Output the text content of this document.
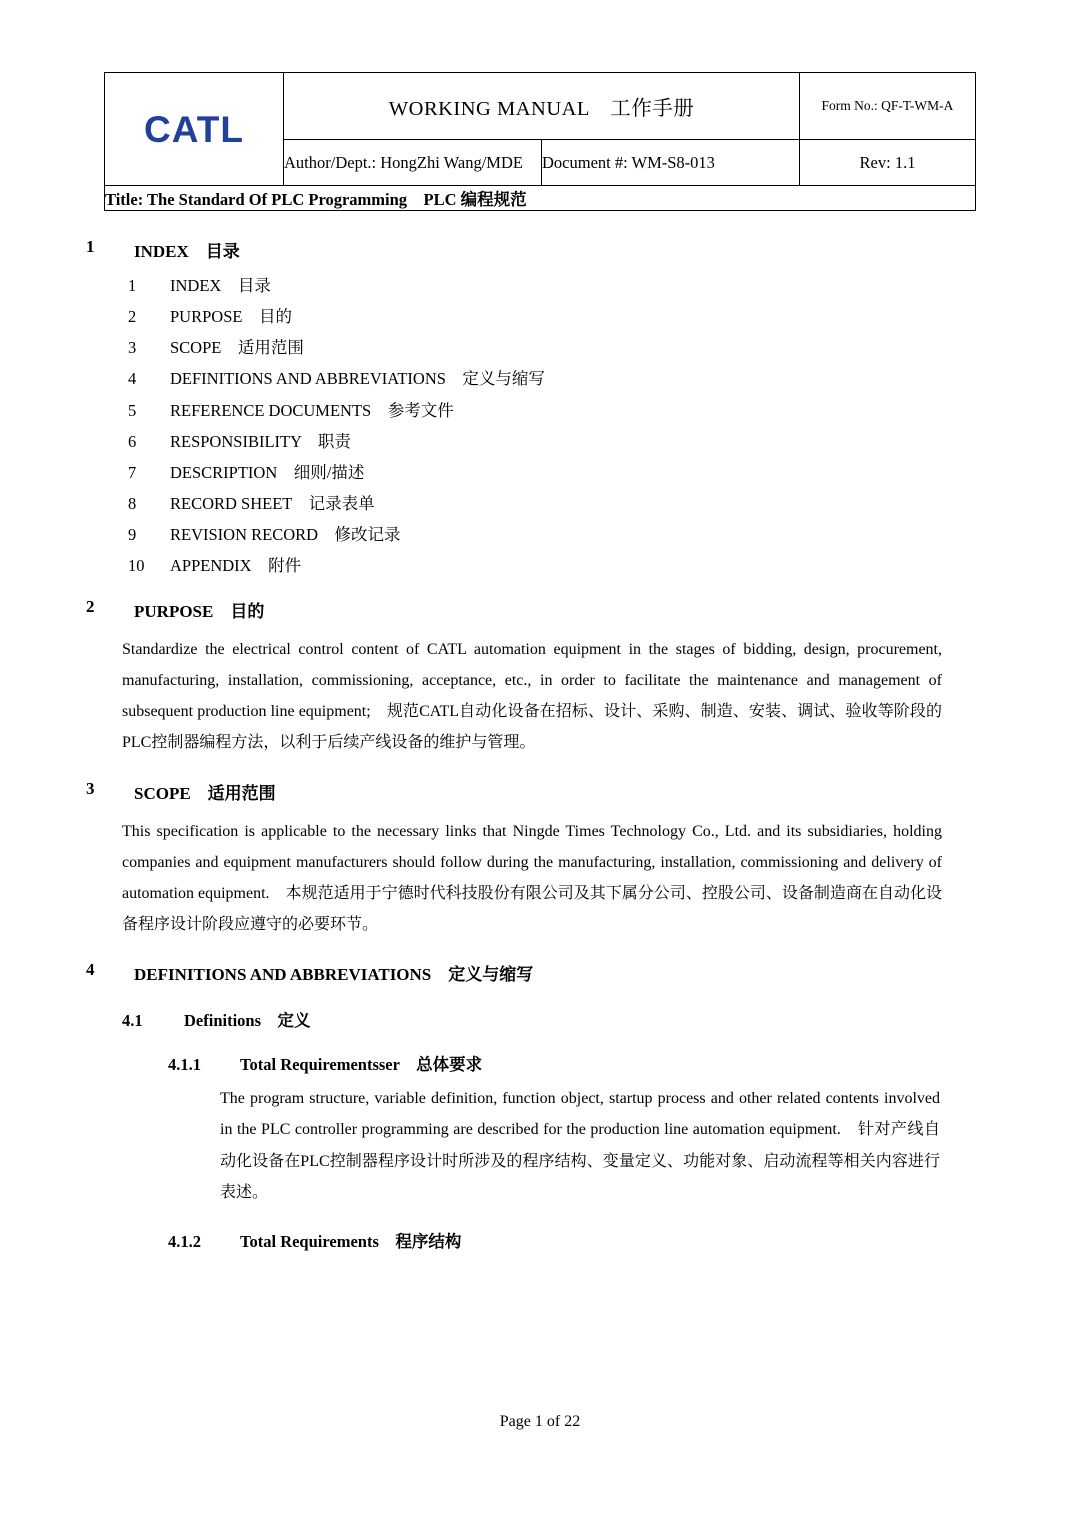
CATL	WORKING MANUAL　工作手册		Form No.: QF-T-WM-A
	Author/Dept.: HongZhi Wang/MDE	Document #: WM-S8-013	Rev: 1.1
Title: The Standard Of PLC Programming　PLC 编程规范			
1 INDEX　目录
1	INDEX　目录
2	PURPOSE　目的
3	SCOPE　适用范围
4	DEFINITIONS AND ABBREVIATIONS　定义与缩写
5	REFERENCE DOCUMENTS　参考文件
6	RESPONSIBILITY　职责
7	DESCRIPTION　细则/描述
8	RECORD SHEET　记录表单
9	REVISION RECORD　修改记录
10	APPENDIX　附件
2 PURPOSE　目的
Standardize the electrical control content of CATL automation equipment in the stages of bidding, design, procurement, manufacturing, installation, commissioning, acceptance, etc., in order to facilitate the maintenance and management of subsequent production line equipment;　规范CATL自动化设备在招标、设计、采购、制造、安装、调试、验收等阶段的PLC控制器编程方法，以利于后续产线设备的维护与管理。
3 SCOPE　适用范围
This specification is applicable to the necessary links that Ningde Times Technology Co., Ltd. and its subsidiaries, holding companies and equipment manufacturers should follow during the manufacturing, installation, commissioning and delivery of automation equipment.　本规范适用于宁德时代科技股份有限公司及其下属分公司、控股公司、设备制造商在自动化设备程序设计阶段应遵守的必要环节。
4 DEFINITIONS AND ABBREVIATIONS　定义与缩写
4.1	Definitions　定义
4.1.1 Total Requirementsser　总体要求
The program structure, variable definition, function object, startup process and other related contents involved in the PLC controller programming are described for the production line automation equipment.　针对产线自动化设备在PLC控制器程序设计时所涉及的程序结构、变量定义、功能对象、启动流程等相关内容进行表述。
4.1.2 Total Requirements　程序结构
Page 1 of 22
